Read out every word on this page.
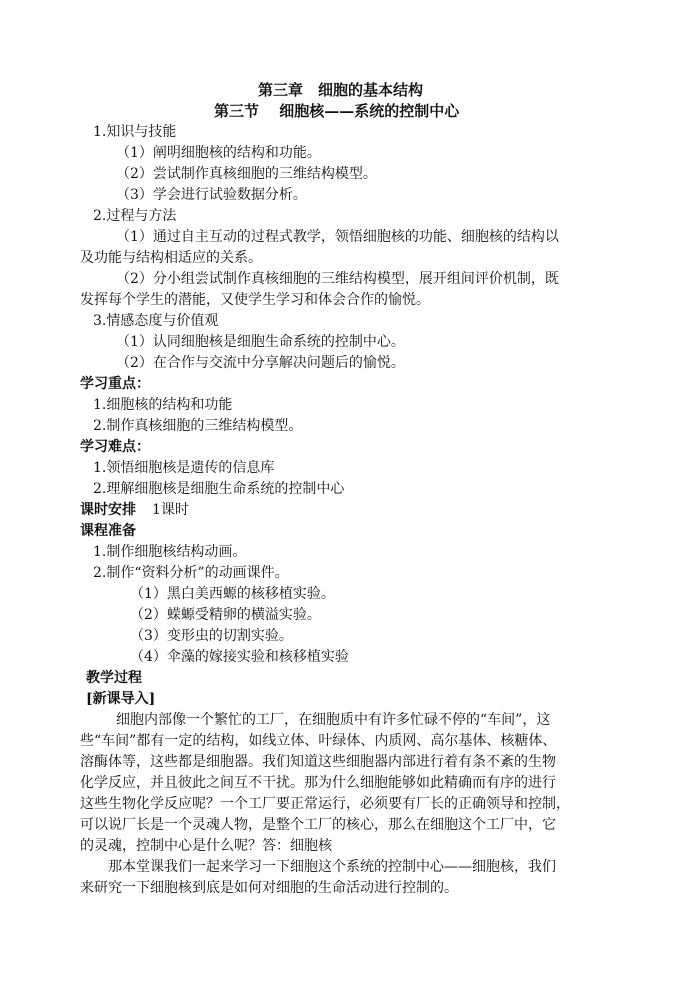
第三章　细胞的基本结构
第三节　 细胞核——系统的控制中心
1.知识与技能
（1）阐明细胞核的结构和功能。
（2）尝试制作真核细胞的三维结构模型。
（3）学会进行试验数据分析。
2.过程与方法
（1）通过自主互动的过程式教学，领悟细胞核的功能、细胞核的结构以
及功能与结构相适应的关系。
（2）分小组尝试制作真核细胞的三维结构模型，展开组间评价机制，既
发挥每个学生的潜能，又使学生学习和体会合作的愉悦。
3.情感态度与价值观
（1）认同细胞核是细胞生命系统的控制中心。
（2）在合作与交流中分享解决问题后的愉悦。
学习重点：
1.细胞核的结构和功能
2.制作真核细胞的三维结构模型。
学习难点：
1.领悟细胞核是遗传的信息库
2.理解细胞核是细胞生命系统的控制中心
课时安排 1课时
课程准备
1.制作细胞核结构动画。
2.制作“资料分析”的动画课件。
（1）黑白美西螈的核移植实验。
（2）蝾螈受精卵的横溢实验。
（3）变形虫的切割实验。
（4）伞藻的嫁接实验和核移植实验
教学过程
[新课导入]
细胞内部像一个繁忙的工厂，在细胞质中有许多忙碌不停的“车间”，这
些“车间”都有一定的结构，如线立体、叶绿体、内质网、高尔基体、核糖体、
溶酶体等，这些都是细胞器。我们知道这些细胞器内部进行着有条不紊的生物
化学反应，并且彼此之间互不干扰。那为什么细胞能够如此精确而有序的进行
这些生物化学反应呢？一个工厂要正常运行，必须要有厂长的正确领导和控制，
可以说厂长是一个灵魂人物，是整个工厂的核心，那么在细胞这个工厂中，它
的灵魂，控制中心是什么呢？答：细胞核
那本堂课我们一起来学习一下细胞这个系统的控制中心——细胞核，我们
来研究一下细胞核到底是如何对细胞的生命活动进行控制的。
